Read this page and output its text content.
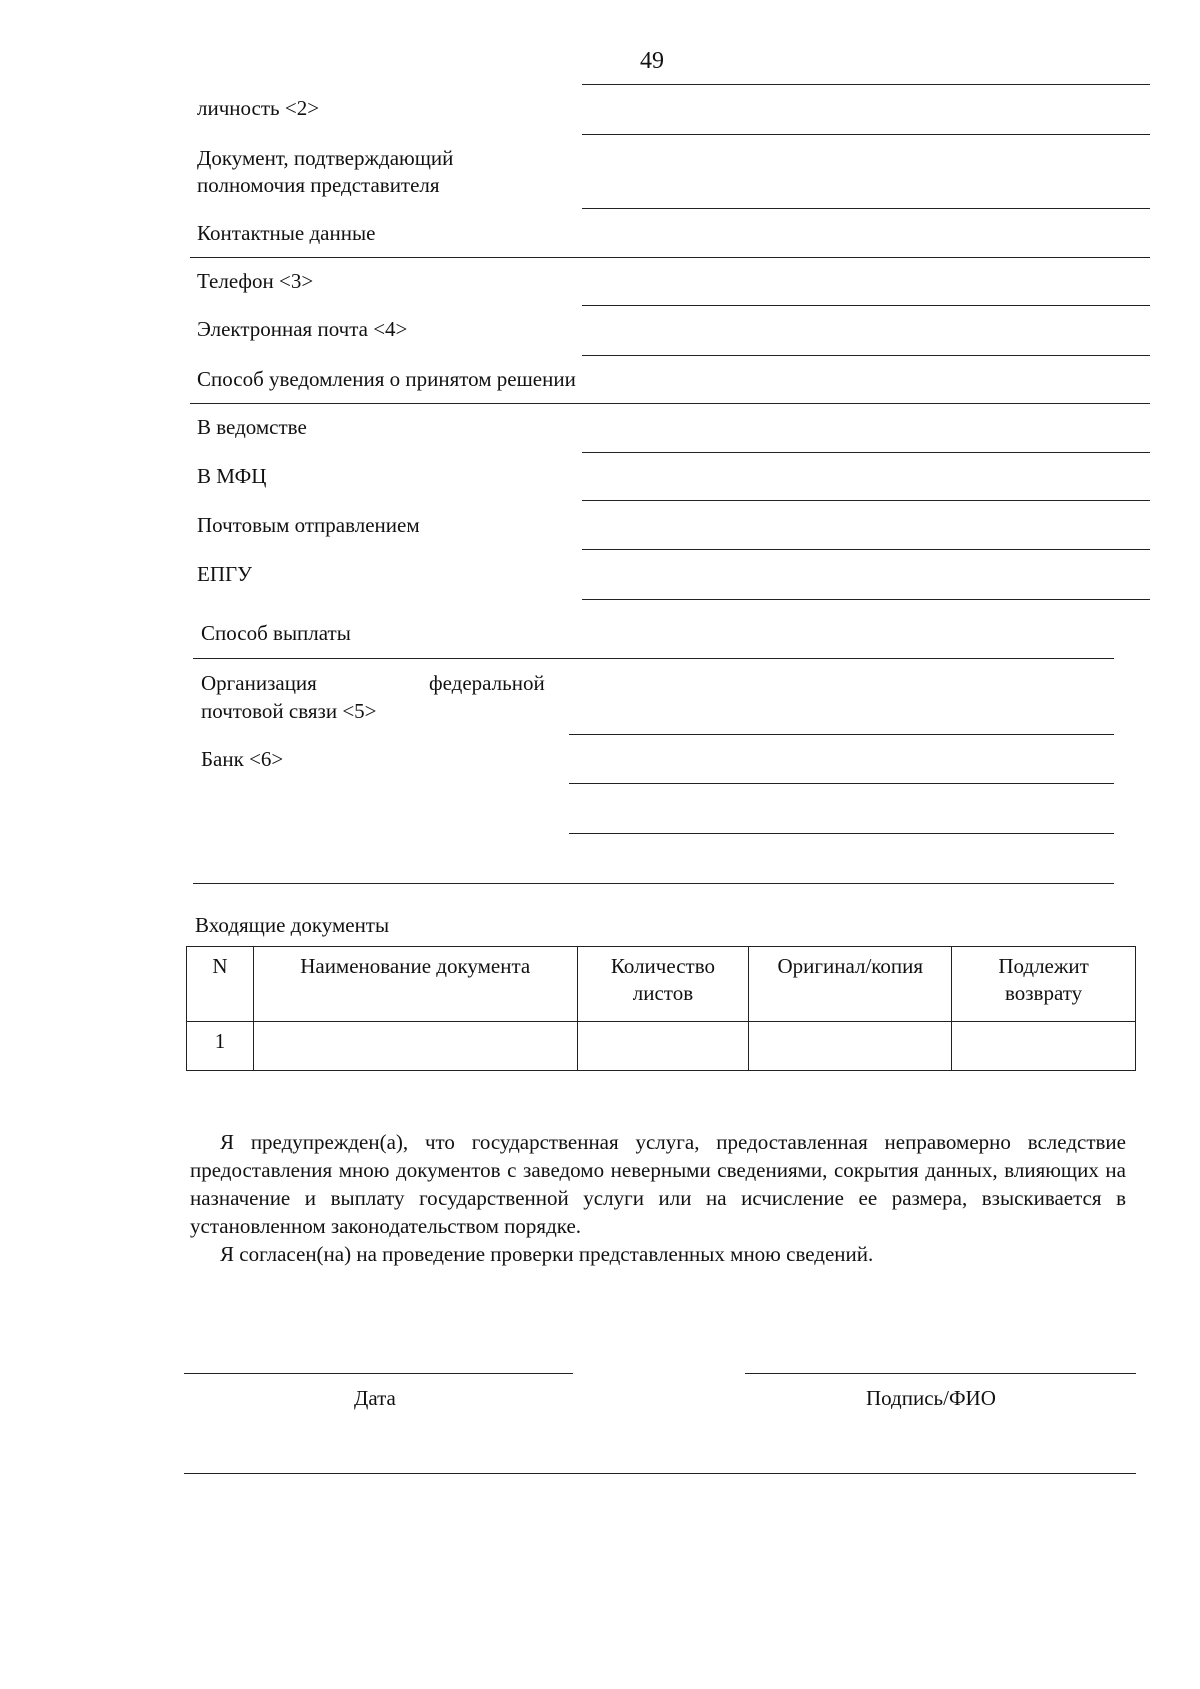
49
личность <2>
Документ, подтверждающий
полномочия представителя
Контактные данные
Телефон <3>
Электронная почта <4>
Способ уведомления о принятом решении
В ведомстве
В МФЦ
Почтовым отправлением
ЕПГУ
Способ выплаты
Организация	федеральной
почтовой связи <5>
Банк <6>
Входящие документы
N	Наименование документа	Количество листов	Оригинал/копия	Подлежит возврату
1				

Я предупрежден(а), что государственная услуга, предоставленная неправомерно вследствие предоставления мною документов с заведомо неверными сведениями, сокрытия данных, влияющих на назначение и выплату государственной услуги или на исчисление ее размера, взыскивается в установленном законодательством порядке.

Я согласен(на) на проведение проверки представленных мною сведений.

Дата	Подпись/ФИО
